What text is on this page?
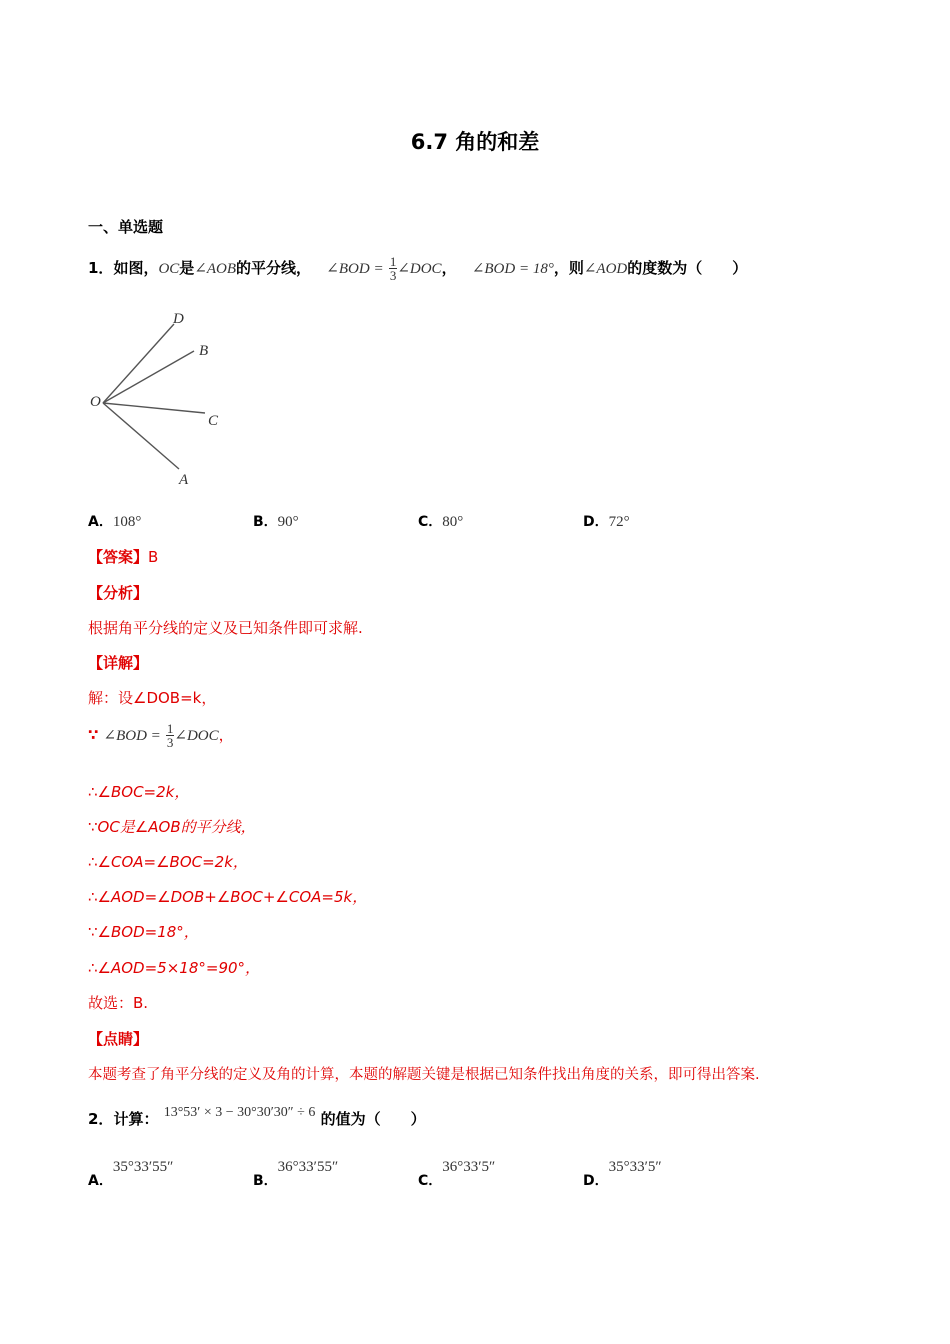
6.7 角的和差
一、单选题
1．如图，OC是∠AOB的平分线， ∠BOD = $\frac{1}{3}$ ∠DOC， ∠BOD = 18°，则∠AOD的度数为（　　）
D
B
O
C
A
A．108°	B．90°	C．80°	D．72°
【答案】B
【分析】
根据角平分线的定义及已知条件即可求解.
【详解】
解：设∠DOB=k，
∵ ∠BOD = $\frac{1}{3}$ ∠DOC，
∴∠BOC=2k，
∵OC是∠AOB的平分线，
∴∠COA=∠BOC=2k，
∴∠AOD=∠DOB+∠BOC+∠COA=5k，
∵∠BOD=18°，
∴∠AOD=5×18°=90°，
故选：B.
【点睛】
本题考查了角平分线的定义及角的计算，本题的解题关键是根据已知条件找出角度的关系，即可得出答案.
2．计算： 13°53′ × 3 − 30°30′30″ ÷ 6 的值为（　　）
A．35°33′55″
B．36°33′55″
C．36°33′5″
D．35°33′5″
